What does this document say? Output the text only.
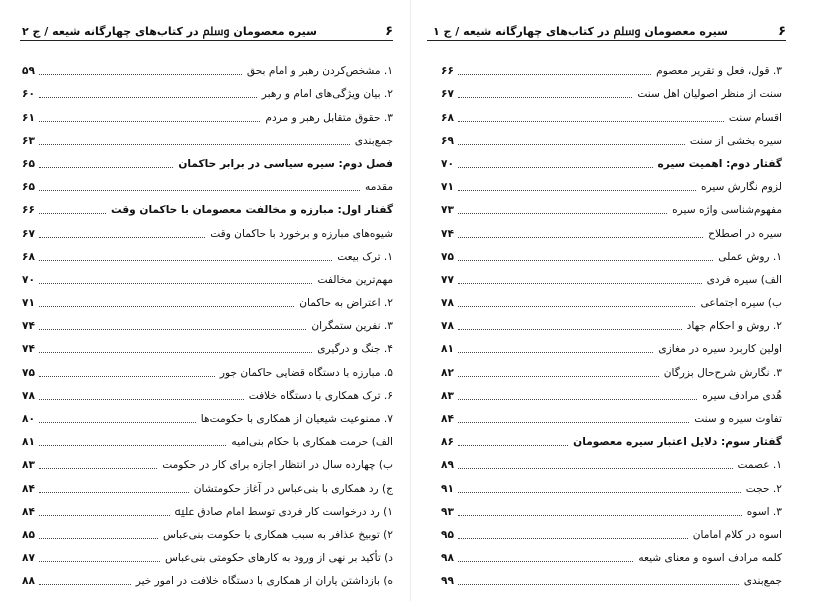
۶
سیره معصومان ﷸ در کتاب‌های چهارگانه شیعه / ج ۲
۱. مشخص‌کردن رهبر و امام بحق
۵۹
۲. بیان ویژگی‌های امام و رهبر
۶۰
۳. حقوق متقابل رهبر و مردم
۶۱
جمع‌بندی
۶۳
فصل دوم: سیره سیاسی در برابر حاکمان
۶۵
مقدمه
۶۵
گفتار اول: مبارزه و مخالفت معصومان با حاکمان وقت
۶۶
شیوه‌های مبارزه و برخورد با حاکمان وقت
۶۷
۱. ترک بیعت
۶۸
مهم‌ترین مخالفت
۷۰
۲. اعتراض به حاکمان
۷۱
۳. نفرین ستمگران
۷۴
۴. جنگ و درگیری
۷۴
۵. مبارزه با دستگاه قضایی حاکمان جور
۷۵
۶. ترک همکاری با دستگاه خلافت
۷۸
۷. ممنوعیت شیعیان از همکاری با حکومت‌ها
۸۰
الف) حرمت همکاری با حکام بنی‌امیه
۸۱
ب) چهارده سال در انتظار اجازه برای کار در حکومت
۸۳
ج) رد همکاری با بنی‌عباس در آغاز حکومتشان
۸۴
۱) رد درخواست کار فردی توسط امام صادق ﷷ
۸۴
۲) توبیخ عذافر به سبب همکاری با حکومت بنی‌عباس
۸۵
د) تأکید بر نهی از ورود به کارهای حکومتی بنی‌عباس
۸۷
ه) بازداشتن یاران از همکاری با دستگاه خلافت در امور خیر
۸۸
۶
سیره معصومان ﷸ در کتاب‌های چهارگانه شیعه / ج ۱
۳. قول، فعل و تقریر معصوم
۶۶
سنت از منظر اصولیان اهل سنت
۶۷
اقسام سنت
۶۸
سیره بخشی از سنت
۶۹
گفتار دوم: اهمیت سیره
۷۰
لزوم نگارش سیره
۷۱
مفهوم‌شناسی واژه سیره
۷۳
سیره در اصطلاح
۷۴
۱. روش عملی
۷۵
الف) سیره فردی
۷۷
ب) سیره اجتماعی
۷۸
۲. روش و احکام جهاد
۷۸
اولین کاربرد سیره در مغازی
۸۱
۳. نگارش شرح‌حال بزرگان
۸۲
هُدی مرادف سیره
۸۳
تفاوت سیره و سنت
۸۴
گفتار سوم: دلایل اعتبار سیره معصومان
۸۶
۱. عصمت
۸۹
۲. حجت
۹۱
۳. اسوه
۹۳
اسوه در کلام امامان
۹۵
کلمه مرادف اسوه و معنای شیعه
۹۸
جمع‌بندی
۹۹
